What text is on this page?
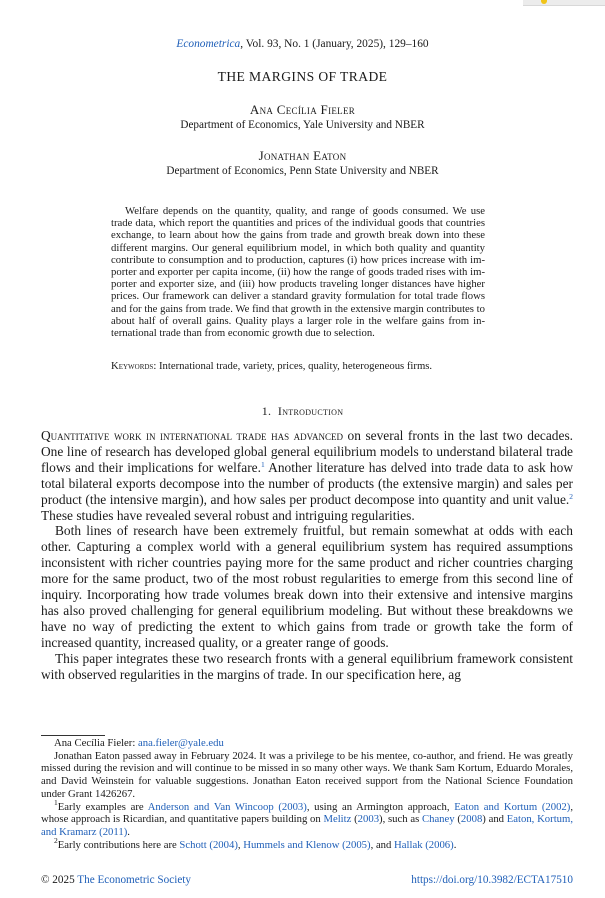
Econometrica, Vol. 93, No. 1 (January, 2025), 129–160
THE MARGINS OF TRADE
Ana Cecília Fieler
Department of Economics, Yale University and NBER
Jonathan Eaton
Department of Economics, Penn State University and NBER

Welfare depends on the quantity, quality, and range of goods consumed. We use trade data, which report the quantities and prices of the individual goods that countries exchange, to learn about how the gains from trade and growth break down into these different margins. Our general equilibrium model, in which both quality and quantity contribute to consumption and to production, captures (i) how prices increase with importer and exporter per capita income, (ii) how the range of goods traded rises with importer and exporter size, and (iii) how products traveling longer distances have higher prices. Our framework can deliver a standard gravity formulation for total trade flows and for the gains from trade. We find that growth in the extensive margin contributes to about half of overall gains. Quality plays a larger role in the welfare gains from international trade than from economic growth due to selection.

Keywords: International trade, variety, prices, quality, heterogeneous firms.
1. Introduction

Quantitative work in international trade has advanced on several fronts in the last two decades. One line of research has developed global general equilibrium models to understand bilateral trade flows and their implications for welfare.$^1$ Another literature has delved into trade data to ask how total bilateral exports decompose into the number of products (the extensive margin) and sales per product (the intensive margin), and how sales per product decompose into quantity and unit value.$^2$ These studies have revealed several robust and intriguing regularities.

Both lines of research have been extremely fruitful, but remain somewhat at odds with each other. Capturing a complex world with a general equilibrium system has required assumptions inconsistent with richer countries paying more for the same product and richer countries charging more for the same product, two of the most robust regularities to emerge from this second line of inquiry. Incorporating how trade volumes break down into their extensive and intensive margins has also proved challenging for general equilibrium modeling. But without these breakdowns we have no way of predicting the extent to which gains from trade or growth take the form of increased quantity, increased quality, or a greater range of goods.

This paper integrates these two research fronts with a general equilibrium framework consistent with observed regularities in the margins of trade. In our specification here, ag

Ana Cecília Fieler: ana.fieler@yale.edu

Jonathan Eaton passed away in February 2024. It was a privilege to be his mentee, co-author, and friend. He was greatly missed during the revision and will continue to be missed in so many other ways. We thank Sam Kortum, Eduardo Morales, and David Weinstein for valuable suggestions. Jonathan Eaton received support from the National Science Foundation under Grant 1426267.

$^1$Early examples are Anderson and Van Wincoop (2003), using an Armington approach, Eaton and Kortum (2002), whose approach is Ricardian, and quantitative papers building on Melitz (2003), such as Chaney (2008) and Eaton, Kortum, and Kramarz (2011).

$^2$Early contributions here are Schott (2004), Hummels and Klenow (2005), and Hallak (2006).

© 2025 The Econometric Society	https://doi.org/10.3982/ECTA17510
